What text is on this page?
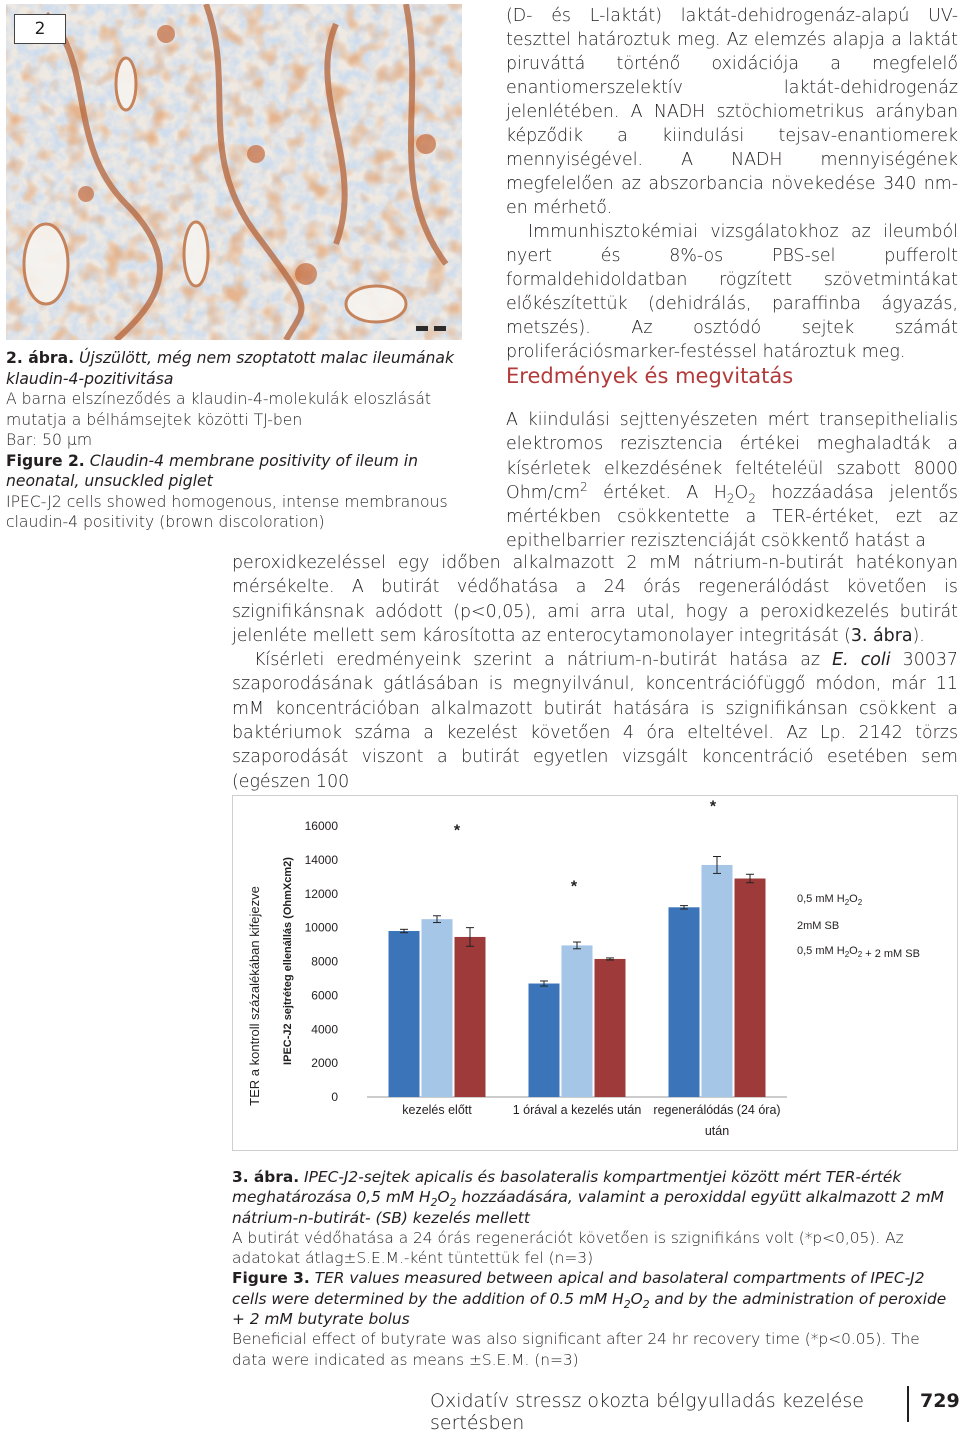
2

2. ábra. Újszülött, még nem szoptatott malac ileumának klaudin-4-pozitivitása

A barna elszíneződés a klaudin-4-molekulák eloszlását mutatja a bélhámsejtek közötti TJ-ben

Bar: 50 μm

Figure 2. Claudin-4 membrane positivity of ileum in neonatal, unsuckled piglet

IPEC-J2 cells showed homogenous, intense membranous claudin-4 positivity (brown discoloration)

(D- és L-laktát) laktát-dehidrogenáz-alapú UV-teszttel határoztuk meg. Az elemzés alapja a laktát piruváttá történő oxidációja a megfelelő enantiomerszelektív laktát-dehidrogenáz jelenlétében. A NADH sztöchiometrikus arányban képződik a kiindulási tejsav-enantiomerek mennyiségével. A NADH mennyiségének megfelelően az abszorbancia növekedése 340 nm-en mérhető.

Immunhisztokémiai vizsgálatokhoz az ileumból nyert és 8%-os PBS-sel pufferolt formaldehidoldatban rögzített szövetmintákat előkészítettük (dehidrálás, paraffinba ágyazás, metszés). Az osztódó sejtek számát proliferációsmarker-festéssel határoztuk meg.

Eredmények és megvitatás

A kiindulási sejttenyészeten mért transepithelialis elektromos rezisztencia értékei meghaladták a kísérletek elkezdésének feltételéül szabott 8000 Ohm/$cm^2$ értéket. A $H_2O_2$ hozzáadása jelentős mértékben csökkentette a TER-értéket, ezt az epithelbarrier rezisztenciáját csökkentő hatást a

peroxidkezeléssel egy időben alkalmazott 2 mM nátrium-n-butirát hatékonyan mérsékelte. A butirát védőhatása a 24 órás regenerálódást követően is szignifikánsnak adódott (p<0,05), ami arra utal, hogy a peroxidkezelés butirát jelenléte mellett sem károsította az enterocytamonolayer integritását (3. ábra).

Kísérleti eredményeink szerint a nátrium-n-butirát hatása az E. coli 30037 szaporodásának gátlásában is megnyilvánul, koncentrációfüggő módon, már 11 mM koncentrációban alkalmazott butirát hatására is szignifikánsan csökkent a baktériumok száma a kezelést követően 4 óra elteltével. Az Lp. 2142 törzs szaporodását viszont a butirát egyetlen vizsgált koncentráció esetében sem (egészen 100

TER a kontroll százalékában kifejezve IPEC-J2 sejtréteg ellenállás (OhmXcm2)
0
2000
4000
6000
8000
10000
12000
14000
16000
kezelés előtt	1 órával a kezelés után regenerálódás (24 óra)
után
*
*
*
0,5 mM $H_2O_2$
2mM SB
0,5 mM $H_2O_2 + 2$ mM SB

3. ábra. IPEC-J2-sejtek apicalis és basolateralis kompartmentjei között mért TER-érték meghatározása 0,5 mM $H_2O_2$ hozzáadására, valamint a peroxiddal együtt alkalmazott 2 mM nátrium-n-butirát- (SB) kezelés mellett

A butirát védőhatása a 24 órás regenerációt követően is szignifikáns volt (*p<0,05). Az adatokat átlag±S.E.M.-ként tüntettük fel (n=3)

Figure 3. TER values measured between apical and basolateral compartments of IPEC-J2 cells were determined by the addition of 0.5 mM $H_2O_2$ and by the administration of peroxide + 2 mM butyrate bolus

Beneficial effect of butyrate was also significant after 24 hr recovery time (*p<0.05). The data were indicated as means ±S.E.M. (n=3)

Oxidatív stressz okozta bélgyulladás kezelése sertésben
729
